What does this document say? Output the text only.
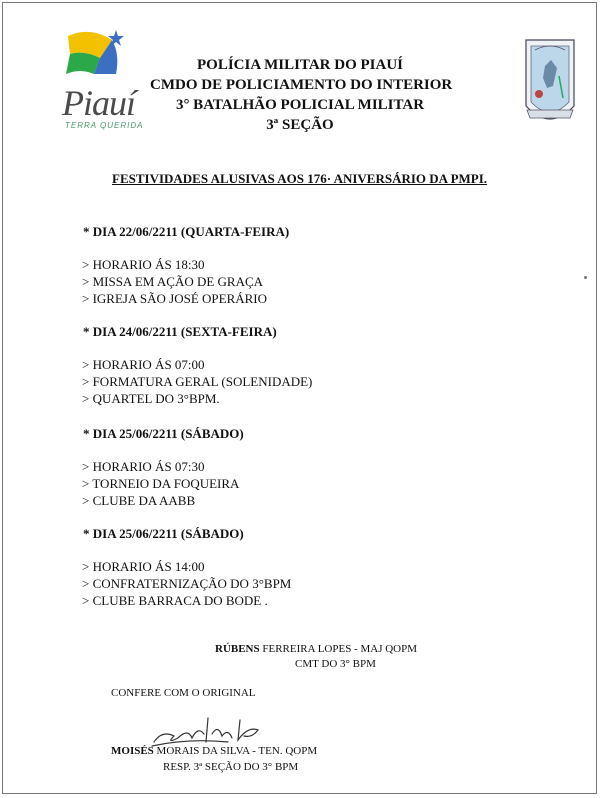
Piauí
TERRA QUERIDA
POLÍCIA MILITAR DO PIAUÍ
CMDO DE POLICIAMENTO DO INTERIOR
3° BATALHÃO POLICIAL MILITAR
3ª SEÇÃO
FESTIVIDADES ALUSIVAS AOS 176· ANIVERSÁRIO DA PMPI.
* DIA 22/06/2211 (QUARTA-FEIRA)
> HORARIO ÁS 18:30
> MISSA EM AÇÃO DE GRAÇA
> IGREJA SÃO JOSÉ OPERÁRIO
* DIA 24/06/2211 (SEXTA-FEIRA)
> HORARIO ÁS 07:00
> FORMATURA GERAL (SOLENIDADE)
> QUARTEL DO 3°BPM.
* DIA 25/06/2211 (SÁBADO)
> HORARIO ÁS 07:30
> TORNEIO DA FOQUEIRA
> CLUBE DA AABB
* DIA 25/06/2211 (SÁBADO)
> HORARIO ÁS 14:00
> CONFRATERNIZAÇÃO DO 3°BPM
> CLUBE BARRACA DO BODE .
RÚBENS FERREIRA LOPES - MAJ QOPM
CMT DO 3° BPM
CONFERE COM O ORIGINAL
MOISÉS MORAIS DA SILVA - TEN. QOPM
RESP. 3ª SEÇÃO DO 3° BPM
